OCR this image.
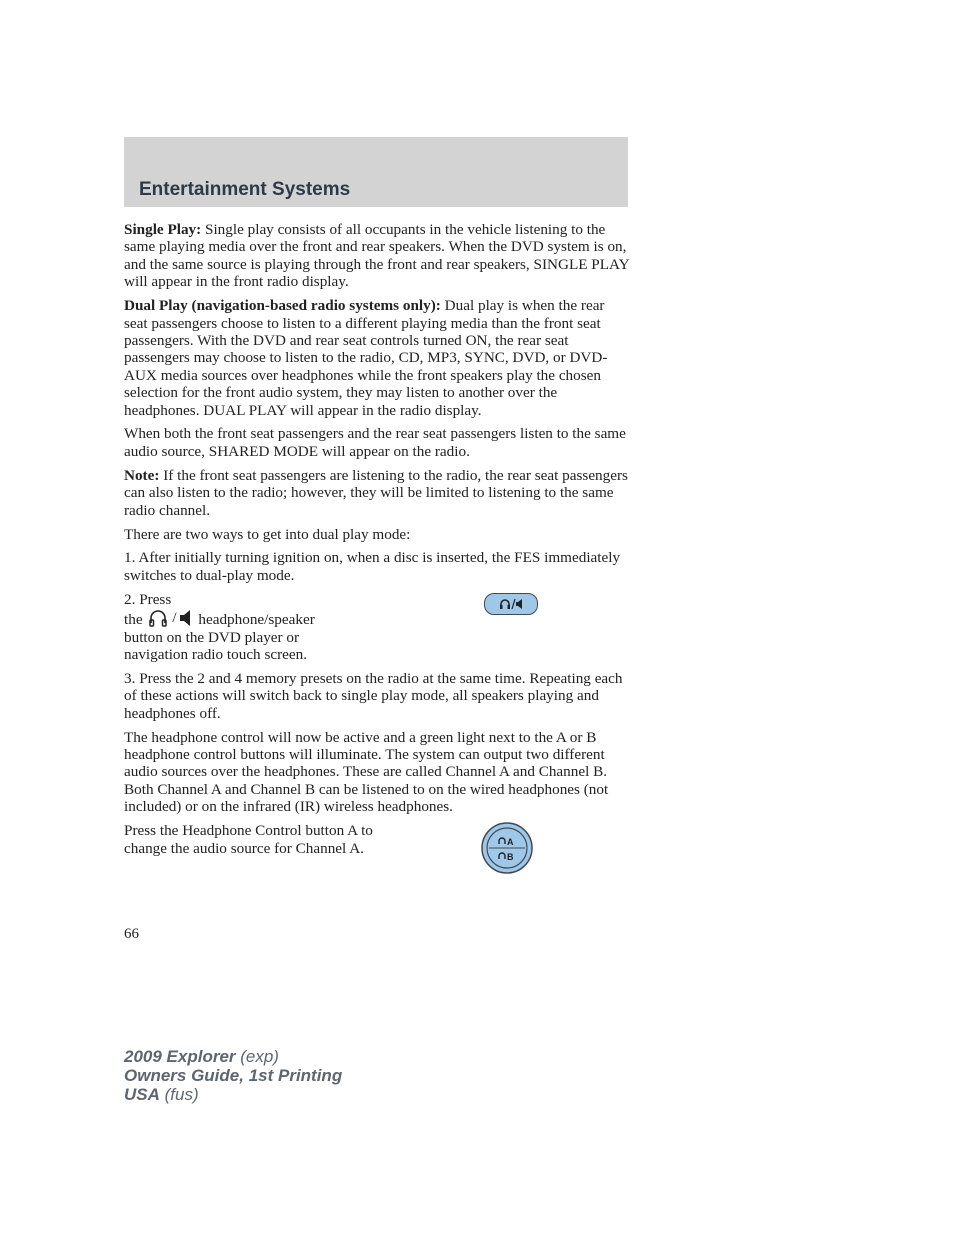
Entertainment Systems

Single Play: Single play consists of all occupants in the vehicle listening to the same playing media over the front and rear speakers. When the DVD system is on, and the same source is playing through the front and rear speakers, SINGLE PLAY will appear in the front radio display.

Dual Play (navigation-based radio systems only): Dual play is when the rear seat passengers choose to listen to a different playing media than the front seat passengers. With the DVD and rear seat controls turned ON, the rear seat passengers may choose to listen to the radio, CD, MP3, SYNC, DVD, or DVD-AUX media sources over headphones while the front speakers play the chosen selection for the front audio system, they may listen to another over the headphones. DUAL PLAY will appear in the radio display.

When both the front seat passengers and the rear seat passengers listen to the same audio source, SHARED MODE will appear on the radio.

Note: If the front seat passengers are listening to the radio, the rear seat passengers can also listen to the radio; however, they will be limited to listening to the same radio channel.

There are two ways to get into dual play mode:

1. After initially turning ignition on, when a disc is inserted, the FES immediately switches to dual-play mode.

2. Press
the / headphone/speaker button on the DVD player or navigation radio touch screen.

3. Press the 2 and 4 memory presets on the radio at the same time. Repeating each of these actions will switch back to single play mode, all speakers playing and headphones off.

The headphone control will now be active and a green light next to the A or B headphone control buttons will illuminate. The system can output two different audio sources over the headphones. These are called Channel A and Channel B. Both Channel A and Channel B can be listened to on the wired headphones (not included) or on the infrared (IR) wireless headphones.

Press the Headphone Control button A to change the audio source for Channel A.	A
B
66
2009 Explorer (exp)
Owners Guide, 1st Printing
USA (fus)
